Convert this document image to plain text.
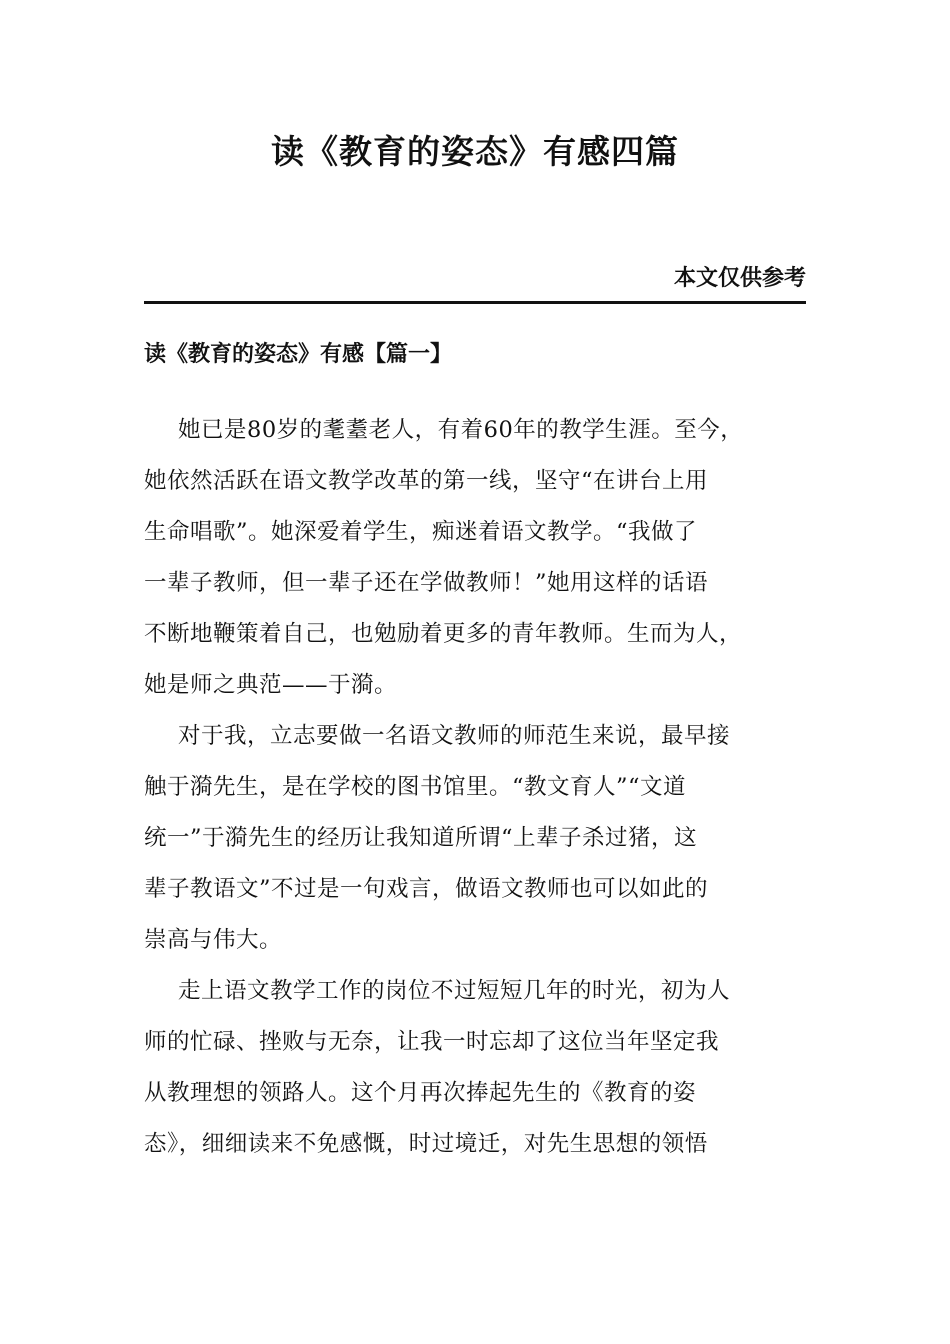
读《教育的姿态》有感四篇
本文仅供参考
读《教育的姿态》有感【篇一】
她已是80岁的耄耋老人，有着60年的教学生涯。至今，
她依然活跃在语文教学改革的第一线，坚守“在讲台上用
生命唱歌”。她深爱着学生，痴迷着语文教学。“我做了
一辈子教师，但一辈子还在学做教师！”她用这样的话语
不断地鞭策着自己，也勉励着更多的青年教师。生而为人，
她是师之典范——于漪。
对于我，立志要做一名语文教师的师范生来说，最早接
触于漪先生，是在学校的图书馆里。“教文育人”“文道
统一”于漪先生的经历让我知道所谓“上辈子杀过猪，这
辈子教语文”不过是一句戏言，做语文教师也可以如此的
崇高与伟大。
走上语文教学工作的岗位不过短短几年的时光，初为人
师的忙碌、挫败与无奈，让我一时忘却了这位当年坚定我
从教理想的领路人。这个月再次捧起先生的《教育的姿
态》，细细读来不免感慨，时过境迁，对先生思想的领悟
